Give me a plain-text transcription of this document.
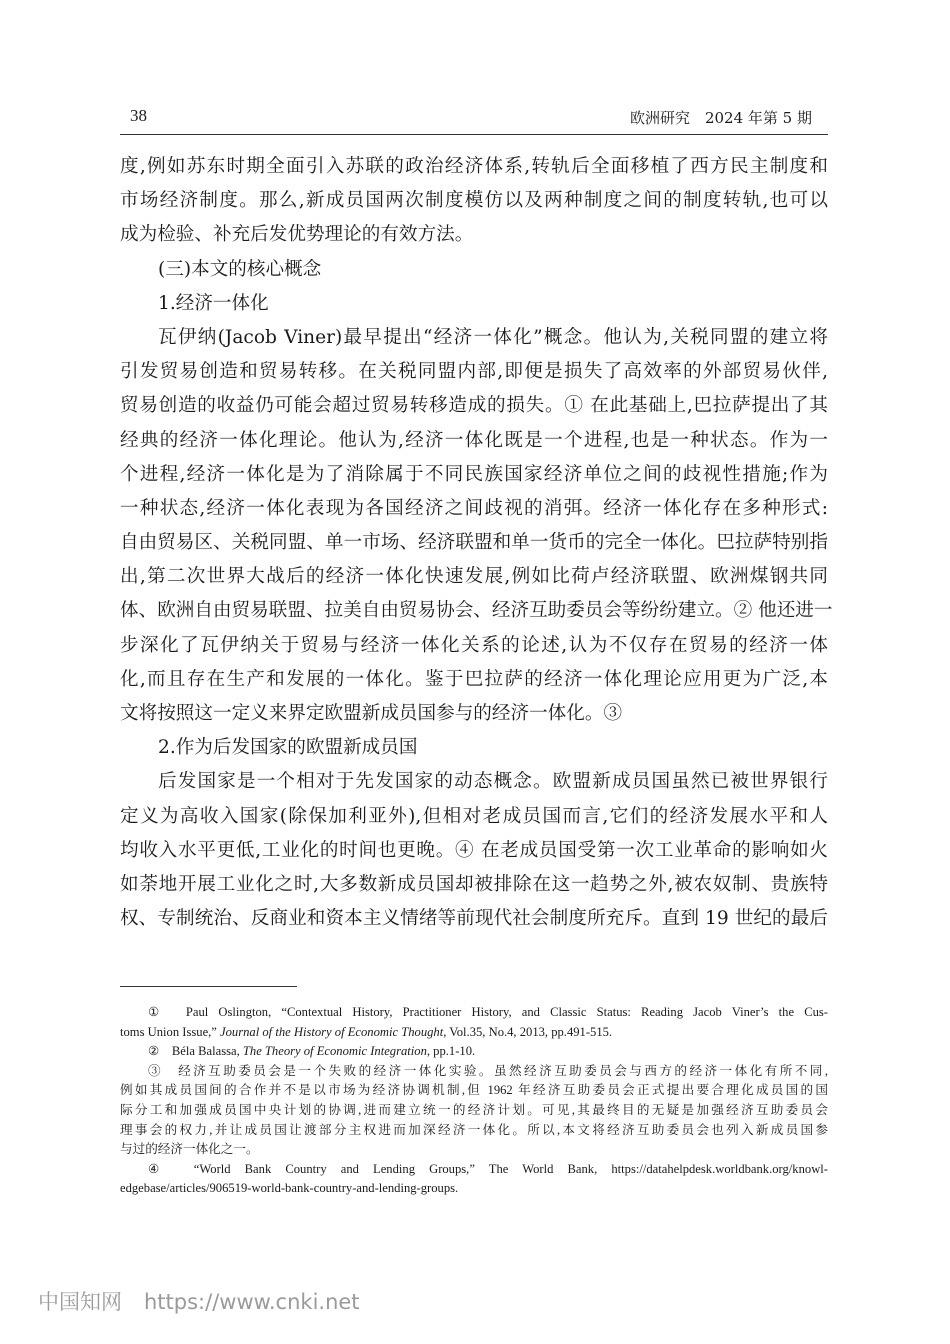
38	欧洲研究　2024 年第 5 期
度,例如苏东时期全面引入苏联的政治经济体系,转轨后全面移植了西方民主制度和
市场经济制度。那么,新成员国两次制度模仿以及两种制度之间的制度转轨,也可以
成为检验、补充后发优势理论的有效方法。
(三)本文的核心概念
1.经济一体化
瓦伊纳(Jacob Viner)最早提出“经济一体化”概念。他认为,关税同盟的建立将
引发贸易创造和贸易转移。在关税同盟内部,即便是损失了高效率的外部贸易伙伴,
贸易创造的收益仍可能会超过贸易转移造成的损失。① 在此基础上,巴拉萨提出了其
经典的经济一体化理论。他认为,经济一体化既是一个进程,也是一种状态。作为一
个进程,经济一体化是为了消除属于不同民族国家经济单位之间的歧视性措施;作为
一种状态,经济一体化表现为各国经济之间歧视的消弭。经济一体化存在多种形式:
自由贸易区、关税同盟、单一市场、经济联盟和单一货币的完全一体化。巴拉萨特别指
出,第二次世界大战后的经济一体化快速发展,例如比荷卢经济联盟、欧洲煤钢共同
体、欧洲自由贸易联盟、拉美自由贸易协会、经济互助委员会等纷纷建立。② 他还进一
步深化了瓦伊纳关于贸易与经济一体化关系的论述,认为不仅存在贸易的经济一体
化,而且存在生产和发展的一体化。鉴于巴拉萨的经济一体化理论应用更为广泛,本
文将按照这一定义来界定欧盟新成员国参与的经济一体化。③
2.作为后发国家的欧盟新成员国
后发国家是一个相对于先发国家的动态概念。欧盟新成员国虽然已被世界银行
定义为高收入国家(除保加利亚外),但相对老成员国而言,它们的经济发展水平和人
均收入水平更低,工业化的时间也更晚。④ 在老成员国受第一次工业革命的影响如火
如荼地开展工业化之时,大多数新成员国却被排除在这一趋势之外,被农奴制、贵族特
权、专制统治、反商业和资本主义情绪等前现代社会制度所充斥。直到 19 世纪的最后
①　Paul Oslington, “Contextual History, Practitioner History, and Classic Status: Reading Jacob Viner’s the Cus-
toms Union Issue,” Journal of the History of Economic Thought, Vol.35, No.4, 2013, pp.491-515.
②　Béla Balassa, The Theory of Economic Integration, pp.1-10.
③　经济互助委员会是一个失败的经济一体化实验。虽然经济互助委员会与西方的经济一体化有所不同,
例如其成员国间的合作并不是以市场为经济协调机制,但 1962 年经济互助委员会正式提出要合理化成员国的国
际分工和加强成员国中央计划的协调,进而建立统一的经济计划。可见,其最终目的无疑是加强经济互助委员会
理事会的权力,并让成员国让渡部分主权进而加深经济一体化。所以,本文将经济互助委员会也列入新成员国参
与过的经济一体化之一。
④　“World Bank Country and Lending Groups,” The World Bank, https://datahelpdesk.worldbank.org/knowl-
edgebase/articles/906519-world-bank-country-and-lending-groups.
中国知网 https://www.cnki.net
